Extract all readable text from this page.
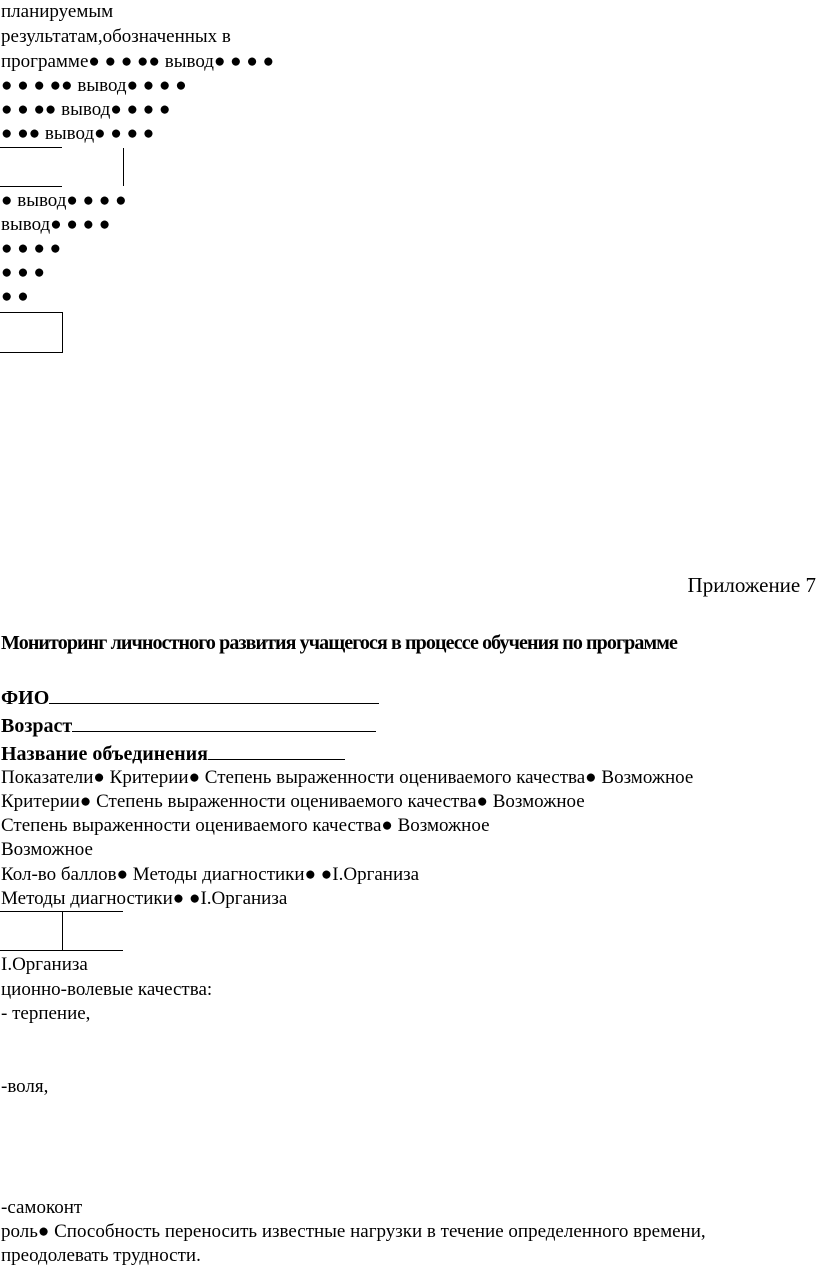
планируемым
результатам,обозначенных в
программе● ● ● ●● вывод● ● ● ●
● ● ● ●● вывод● ● ● ●
● ● ●● вывод● ● ● ●
● ●● вывод● ● ● ●
● вывод● ● ● ●
вывод● ● ● ●
● ● ● ●
● ● ●
● ●
Приложение 7
Мониторинг личностного развития учащегося в процессе обучения по программе
ФИО
Возраст
Название объединения
Показатели● Критерии● Степень выраженности оцениваемого качества● Возможное
Критерии● Степень выраженности оцениваемого качества● Возможное
Степень выраженности оцениваемого качества● Возможное
Возможное
Кол-во баллов● Методы диагностики● ●I.Организа
Методы диагностики● ●I.Организа
I.Организа
ционно-волевые качества:
- терпение,
-воля,
-самоконт
роль● Способность переносить известные нагрузки в течение определенного времени,
преодолевать трудности.
